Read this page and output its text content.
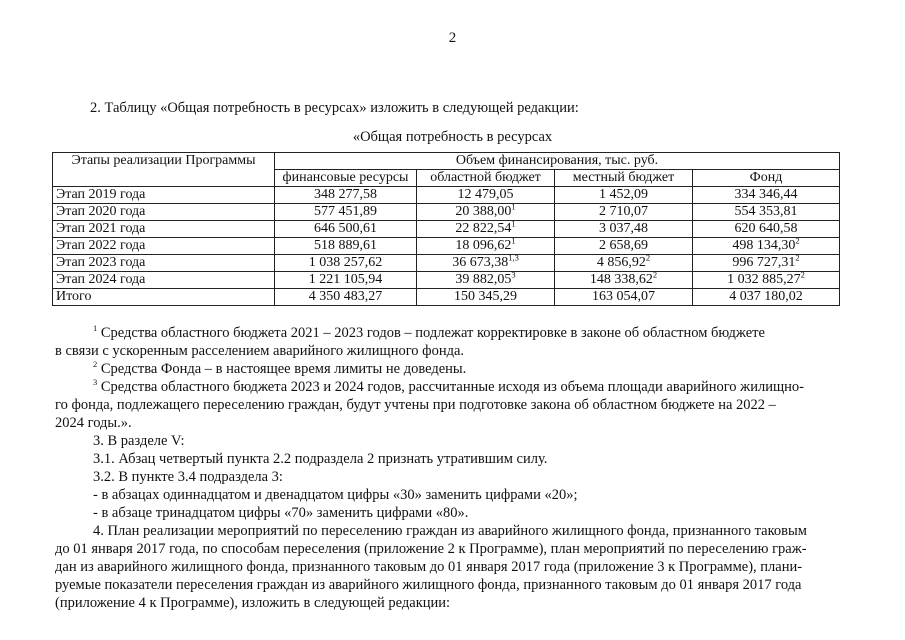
2
2. Таблицу «Общая потребность в ресурсах» изложить в следующей редакции:
«Общая потребность в ресурсах
Этапы реализации Программы	Объем финансирования, тыс. руб.			
	финансовые ресурсы	областной бюджет	местный бюджет	Фонд
Этап 2019 года	348 277,58	12 479,05	1 452,09	334 346,44
Этап 2020 года	577 451,89	20 388,00$^1$	2 710,07	554 353,81
Этап 2021 года	646 500,61	22 822,54$^1$	3 037,48	620 640,58
Этап 2022 года	518 889,61	18 096,62$^1$	2 658,69	498 134,30$^2$
Этап 2023 года	1 038 257,62	36 673,38$^{1,3}$	4 856,92$^2$	996 727,31$^2$
Этап 2024 года	1 221 105,94	39 882,05$^3$	148 338,62$^2$	1 032 885,27$^2$
Итого	4 350 483,27	150 345,29	163 054,07	4 037 180,02
$^1$ Средства областного бюджета 2021 – 2023 годов – подлежат корректировке в законе об областном бюджете
в связи с ускоренным расселением аварийного жилищного фонда.
$^2$ Средства Фонда – в настоящее время лимиты не доведены.
$^3$ Средства областного бюджета 2023 и 2024 годов, рассчитанные исходя из объема площади аварийного жилищно-
го фонда, подлежащего переселению граждан, будут учтены при подготовке закона об областном бюджете на 2022 –
2024 годы.».
3. В разделе V:
3.1. Абзац четвертый пункта 2.2 подраздела 2 признать утратившим силу.
3.2. В пункте 3.4 подраздела 3:
- в абзацах одиннадцатом и двенадцатом цифры «30» заменить цифрами «20»;
- в абзаце тринадцатом цифры «70» заменить цифрами «80».
4. План реализации мероприятий по переселению граждан из аварийного жилищного фонда, признанного таковым
до 01 января 2017 года, по способам переселения (приложение 2 к Программе), план мероприятий по переселению граж-
дан из аварийного жилищного фонда, признанного таковым до 01 января 2017 года (приложение 3 к Программе), плани-
руемые показатели переселения граждан из аварийного жилищного фонда, признанного таковым до 01 января 2017 года
(приложение 4 к Программе), изложить в следующей редакции:
